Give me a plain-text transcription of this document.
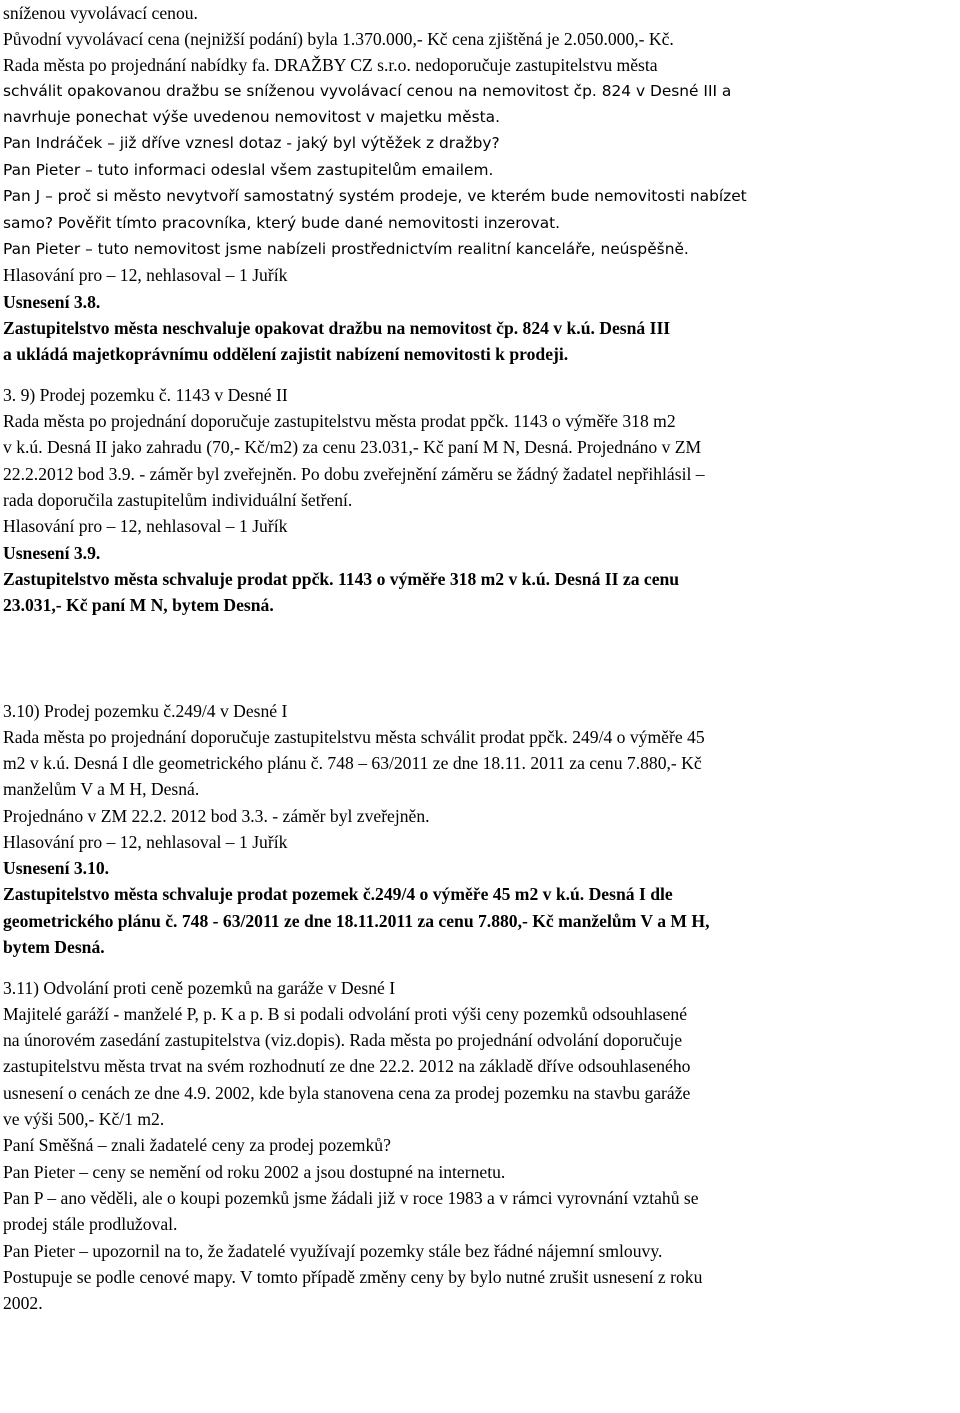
sníženou vyvolávací cenou.
Původní vyvolávací cena (nejnižší podání) byla 1.370.000,- Kč cena zjištěná je 2.050.000,- Kč.
Rada města po projednání nabídky fa. DRAŽBY CZ s.r.o. nedoporučuje zastupitelstvu města
schválit opakovanou dražbu se sníženou vyvolávací cenou na nemovitost čp. 824 v Desné III a
navrhuje ponechat výše uvedenou nemovitost v majetku města.
Pan Indráček – již dříve vznesl dotaz - jaký byl výtěžek z dražby?
Pan Pieter – tuto informaci odeslal všem zastupitelům emailem.
Pan J – proč si město nevytvoří samostatný systém prodeje, ve kterém bude nemovitosti nabízet
samo? Pověřit tímto pracovníka, který bude dané nemovitosti inzerovat.
Pan Pieter – tuto nemovitost jsme nabízeli prostřednictvím realitní kanceláře, neúspěšně.
Hlasování pro – 12, nehlasoval – 1 Juřík
Usnesení 3.8.
Zastupitelstvo města neschvaluje opakovat dražbu na nemovitost čp. 824 v k.ú. Desná III
a ukládá majetkoprávnímu oddělení zajistit nabízení nemovitosti k prodeji.
3. 9) Prodej pozemku č. 1143 v Desné II
Rada města po projednání doporučuje zastupitelstvu města prodat ppčk. 1143 o výměře 318 m2
v k.ú. Desná II jako zahradu (70,- Kč/m2) za cenu 23.031,- Kč paní M N, Desná. Projednáno v ZM
22.2.2012 bod 3.9. - záměr byl zveřejněn. Po dobu zveřejnění záměru se žádný žadatel nepřihlásil –
rada doporučila zastupitelům individuální šetření.
Hlasování pro – 12, nehlasoval – 1 Juřík
Usnesení 3.9.
Zastupitelstvo města schvaluje prodat ppčk. 1143 o výměře 318 m2 v k.ú. Desná II za cenu
23.031,- Kč paní M N, bytem Desná.
3.10) Prodej pozemku č.249/4 v Desné I
Rada města po projednání doporučuje zastupitelstvu města schválit prodat ppčk. 249/4 o výměře 45
m2 v k.ú. Desná I dle geometrického plánu č. 748 – 63/2011 ze dne 18.11. 2011 za cenu 7.880,- Kč
manželům V a M H, Desná.
Projednáno v ZM 22.2. 2012 bod 3.3. - záměr byl zveřejněn.
Hlasování pro – 12, nehlasoval – 1 Juřík
Usnesení 3.10.
Zastupitelstvo města schvaluje prodat pozemek č.249/4 o výměře 45 m2 v k.ú. Desná I dle
geometrického plánu č. 748 - 63/2011 ze dne 18.11.2011 za cenu 7.880,- Kč manželům V a M H,
bytem Desná.
3.11) Odvolání proti ceně pozemků na garáže v Desné I
Majitelé garáží - manželé P, p. K a p. B si podali odvolání proti výši ceny pozemků odsouhlasené
na únorovém zasedání zastupitelstva (viz.dopis). Rada města po projednání odvolání doporučuje
zastupitelstvu města trvat na svém rozhodnutí ze dne 22.2. 2012 na základě dříve odsouhlaseného
usnesení o cenách ze dne 4.9. 2002, kde byla stanovena cena za prodej pozemku na stavbu garáže
ve výši 500,- Kč/1 m2.
Paní Směšná – znali žadatelé ceny za prodej pozemků?
Pan Pieter – ceny se nemění od roku 2002 a jsou dostupné na internetu.
Pan P – ano věděli, ale o koupi pozemků jsme žádali již v roce 1983 a v rámci vyrovnání vztahů se
prodej stále prodlužoval.
Pan Pieter – upozornil na to, že žadatelé využívají pozemky stále bez řádné nájemní smlouvy.
Postupuje se podle cenové mapy. V tomto případě změny ceny by bylo nutné zrušit usnesení z roku
2002.
